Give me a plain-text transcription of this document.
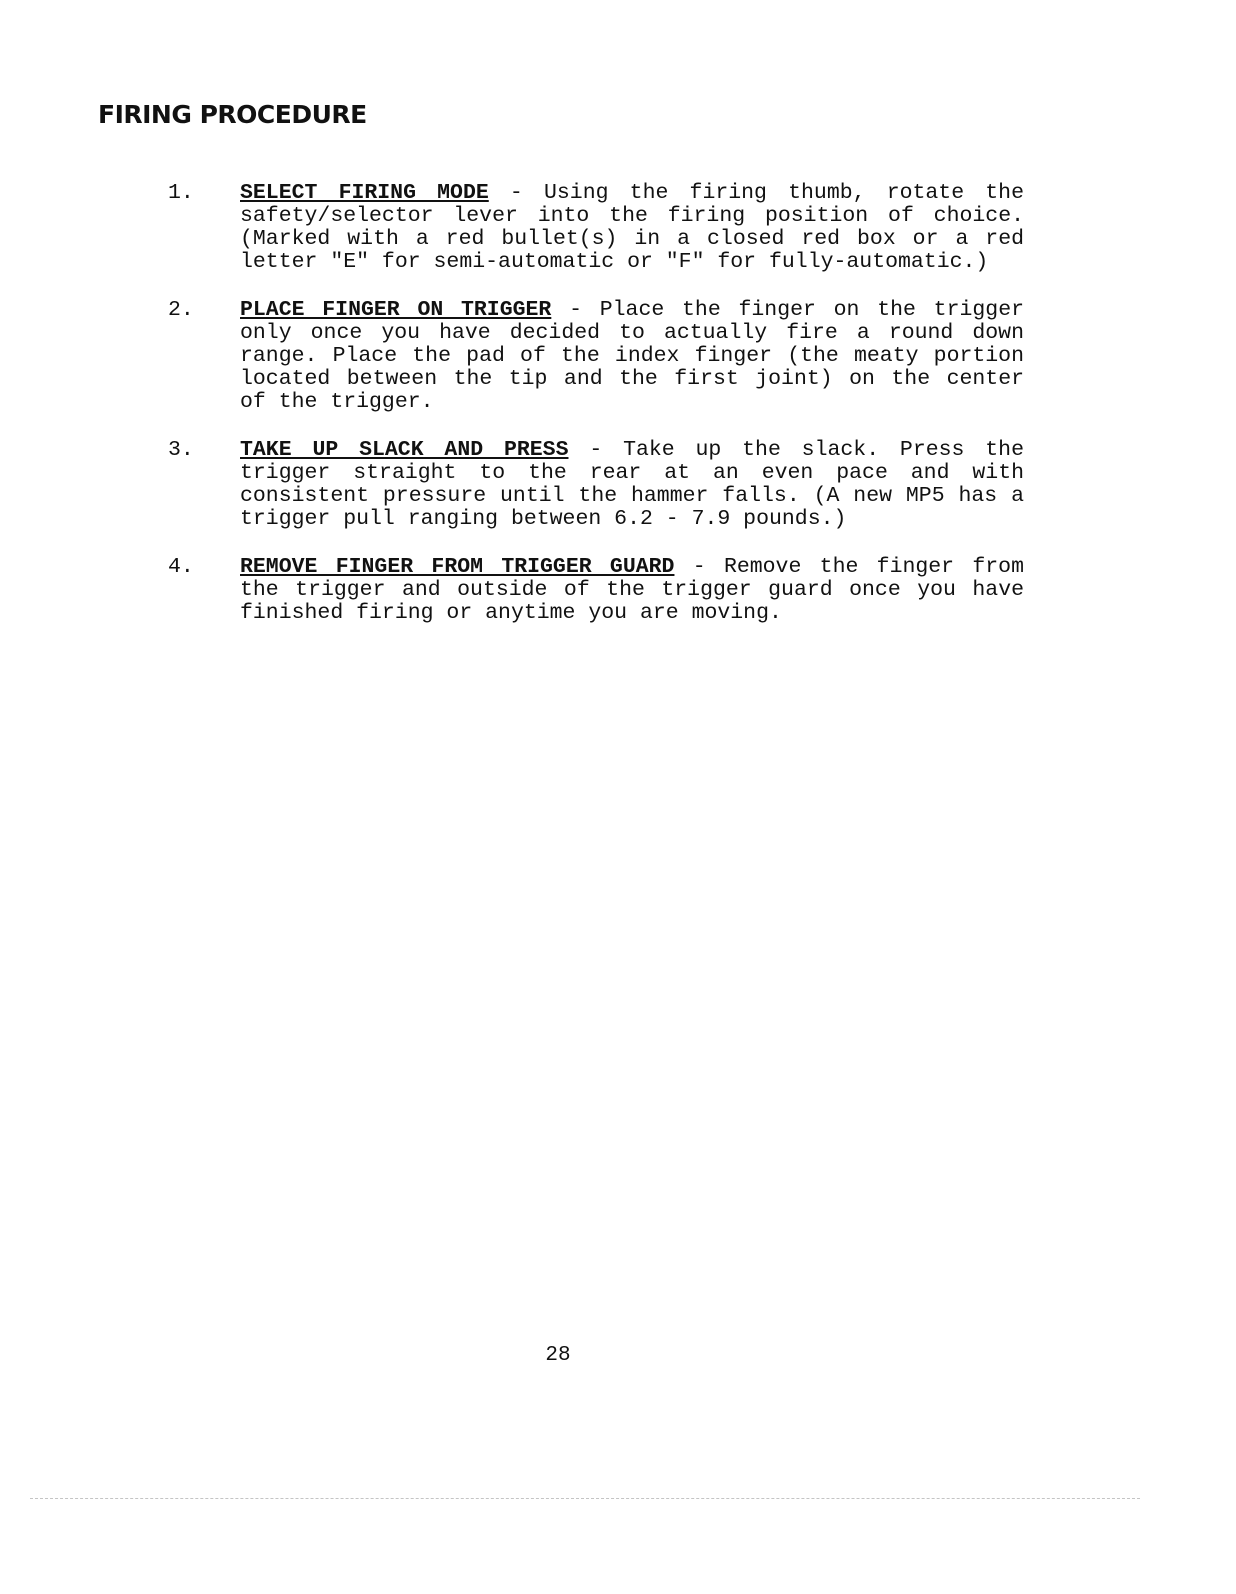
FIRING PROCEDURE
1. SELECT FIRING MODE - Using the firing thumb, rotate the safety/selector lever into the firing position of choice. (Marked with a red bullet(s) in a closed red box or a red letter "E" for semi-automatic or "F" for fully-automatic.)
2. PLACE FINGER ON TRIGGER - Place the finger on the trigger only once you have decided to actually fire a round down range. Place the pad of the index finger (the meaty portion located between the tip and the first joint) on the center of the trigger.
3. TAKE UP SLACK AND PRESS - Take up the slack. Press the trigger straight to the rear at an even pace and with consistent pressure until the hammer falls. (A new MP5 has a trigger pull ranging between 6.2 - 7.9 pounds.)
4. REMOVE FINGER FROM TRIGGER GUARD - Remove the finger from the trigger and outside of the trigger guard once you have finished firing or anytime you are moving.
28
